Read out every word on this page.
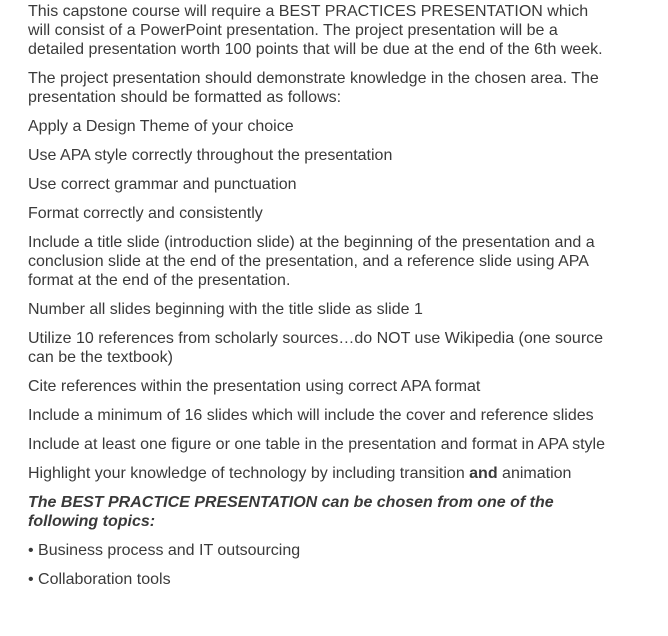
This capstone course will require a BEST PRACTICES PRESENTATION which will consist of a PowerPoint presentation. The project presentation will be a detailed presentation worth 100 points that will be due at the end of the 6th week.

The project presentation should demonstrate knowledge in the chosen area. The presentation should be formatted as follows:

Apply a Design Theme of your choice

Use APA style correctly throughout the presentation

Use correct grammar and punctuation

Format correctly and consistently

Include a title slide (introduction slide) at the beginning of the presentation and a conclusion slide at the end of the presentation, and a reference slide using APA format at the end of the presentation.

Number all slides beginning with the title slide as slide 1

Utilize 10 references from scholarly sources…do NOT use Wikipedia (one source can be the textbook)

Cite references within the presentation using correct APA format

Include a minimum of 16 slides which will include the cover and reference slides

Include at least one figure or one table in the presentation and format in APA style

Highlight your knowledge of technology by including transition and animation

The BEST PRACTICE PRESENTATION can be chosen from one of the following topics:

• Business process and IT outsourcing

• Collaboration tools
